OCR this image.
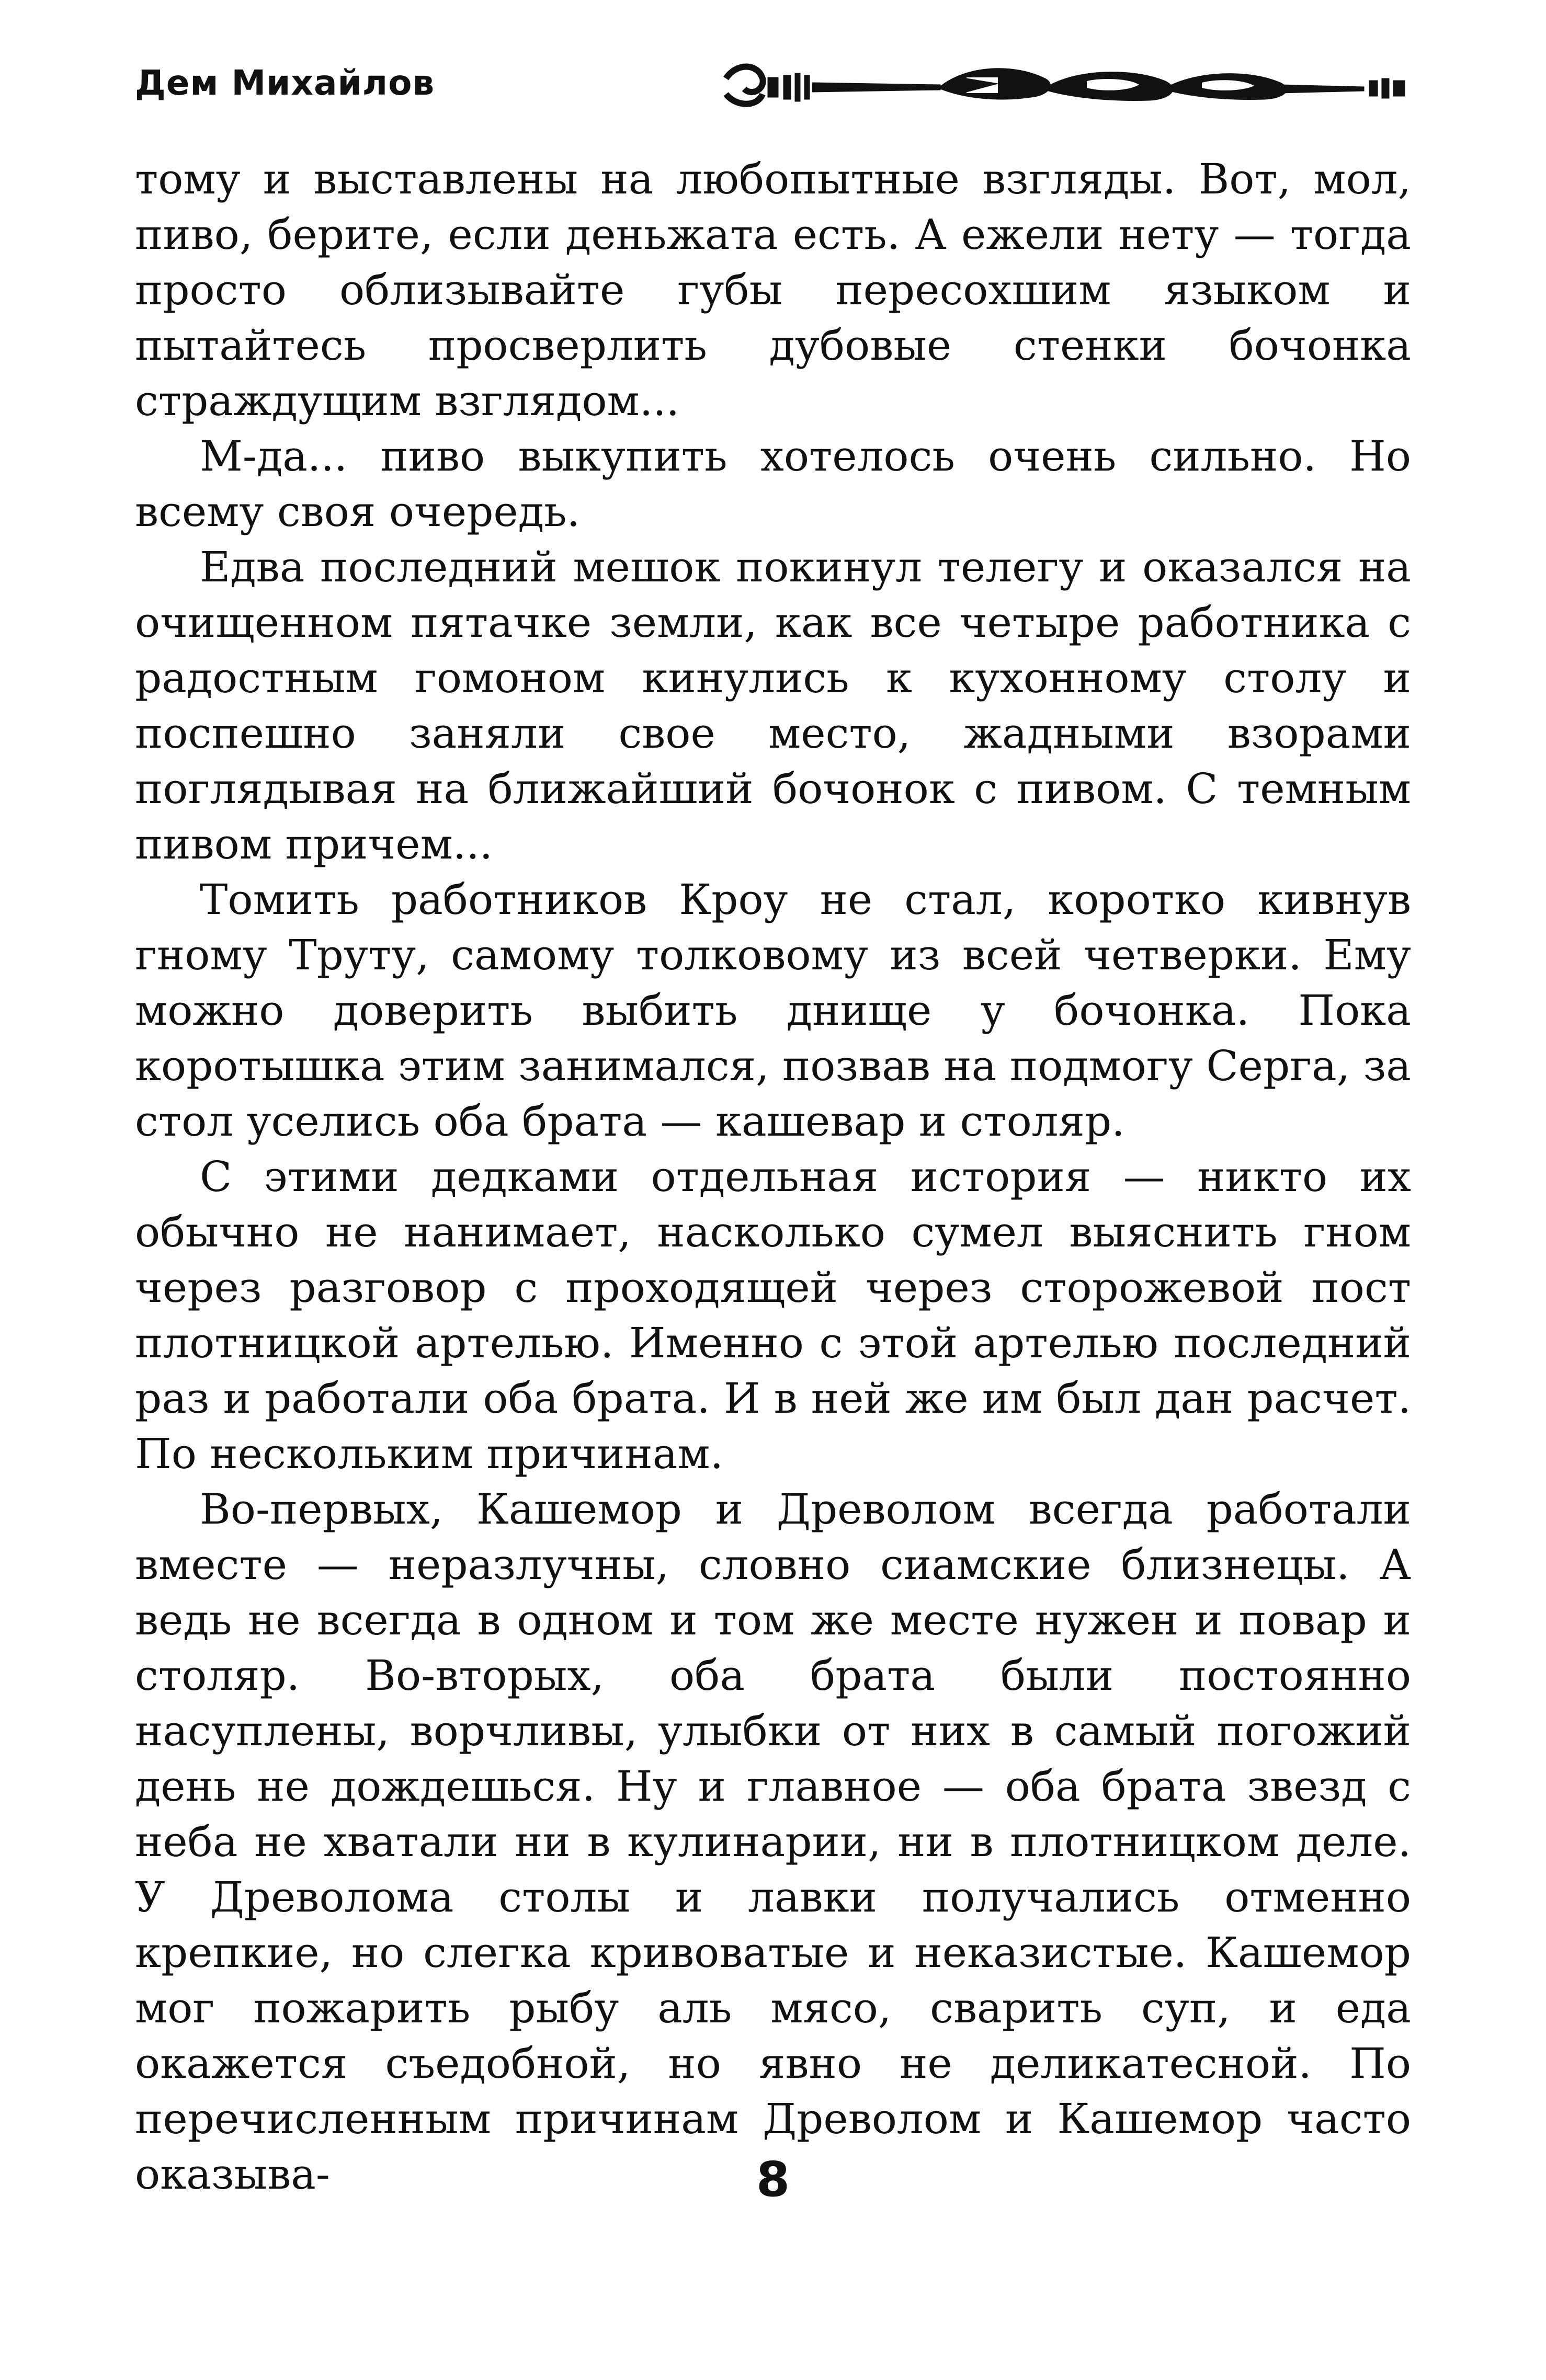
Дем Михайлов

тому и выставлены на любопытные взгляды. Вот, мол, пиво, берите, если деньжата есть. А ежели нету — тогда просто облизывайте губы пересохшим языком и пытайтесь просверлить дубовые стенки бочонка страждущим взглядом...

М-да... пиво выкупить хотелось очень сильно. Но всему своя очередь.

Едва последний мешок покинул телегу и оказался на очищенном пятачке земли, как все четыре работника с радостным гомоном кинулись к кухонному столу и поспешно заняли свое место, жадными взорами поглядывая на ближайший бочонок с пивом. С темным пивом причем...

Томить работников Кроу не стал, коротко кивнув гному Труту, самому толковому из всей четверки. Ему можно доверить выбить днище у бочонка. Пока коротышка этим занимался, позвав на подмогу Серга, за стол уселись оба брата — кашевар и столяр.

С этими дедками отдельная история — никто их обычно не нанимает, насколько сумел выяснить гном через разговор с проходящей через сторожевой пост плотницкой артелью. Именно с этой артелью последний раз и работали оба брата. И в ней же им был дан расчет. По нескольким причинам.

Во-первых, Кашемор и Древолом всегда работали вместе — неразлучны, словно сиамские близнецы. А ведь не всегда в одном и том же месте нужен и повар и столяр. Во-вторых, оба брата были постоянно насуплены, ворчливы, улыбки от них в самый погожий день не дождешься. Ну и главное — оба брата звезд с неба не хватали ни в кулинарии, ни в плотницком деле. У Древолома столы и лавки получались отменно крепкие, но слегка кривоватые и неказистые. Кашемор мог пожарить рыбу аль мясо, сварить суп, и еда окажется съедобной, но явно не деликатесной. По перечисленным причинам Древолом и Кашемор часто оказыва-	8
